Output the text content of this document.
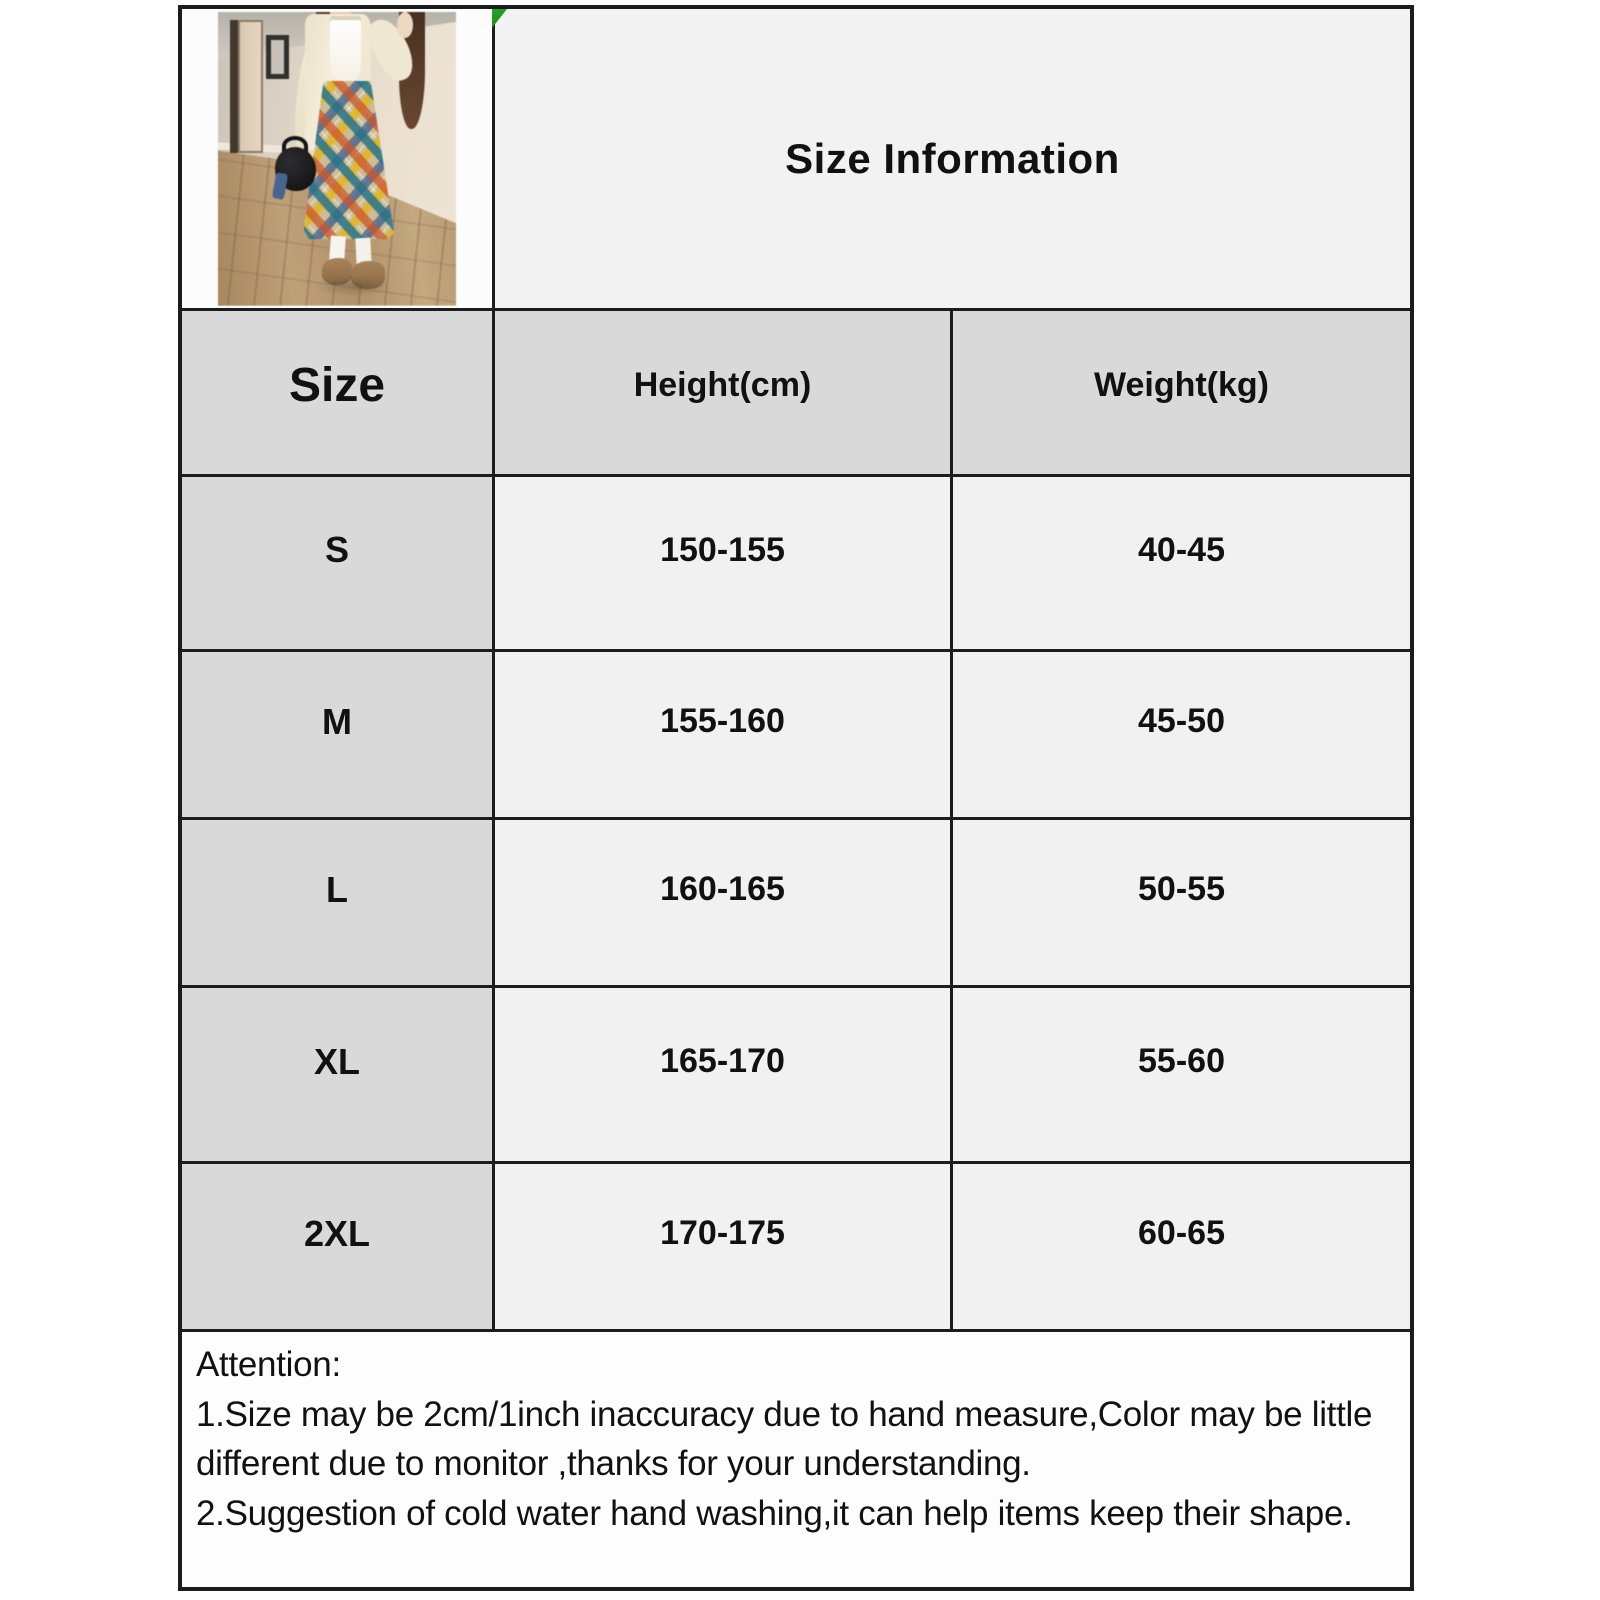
Size Information
Size	Height(cm)	Weight(kg)
S	150-155	40-45
M	155-160	45-50
L	160-165	50-55
XL	165-170	55-60
2XL	170-175	60-65
Attention:
1.Size may be 2cm/1inch inaccuracy due to hand measure,Color may be little different due to monitor ,thanks for your understanding.
2.Suggestion of cold water hand washing,it can help items keep their shape.
